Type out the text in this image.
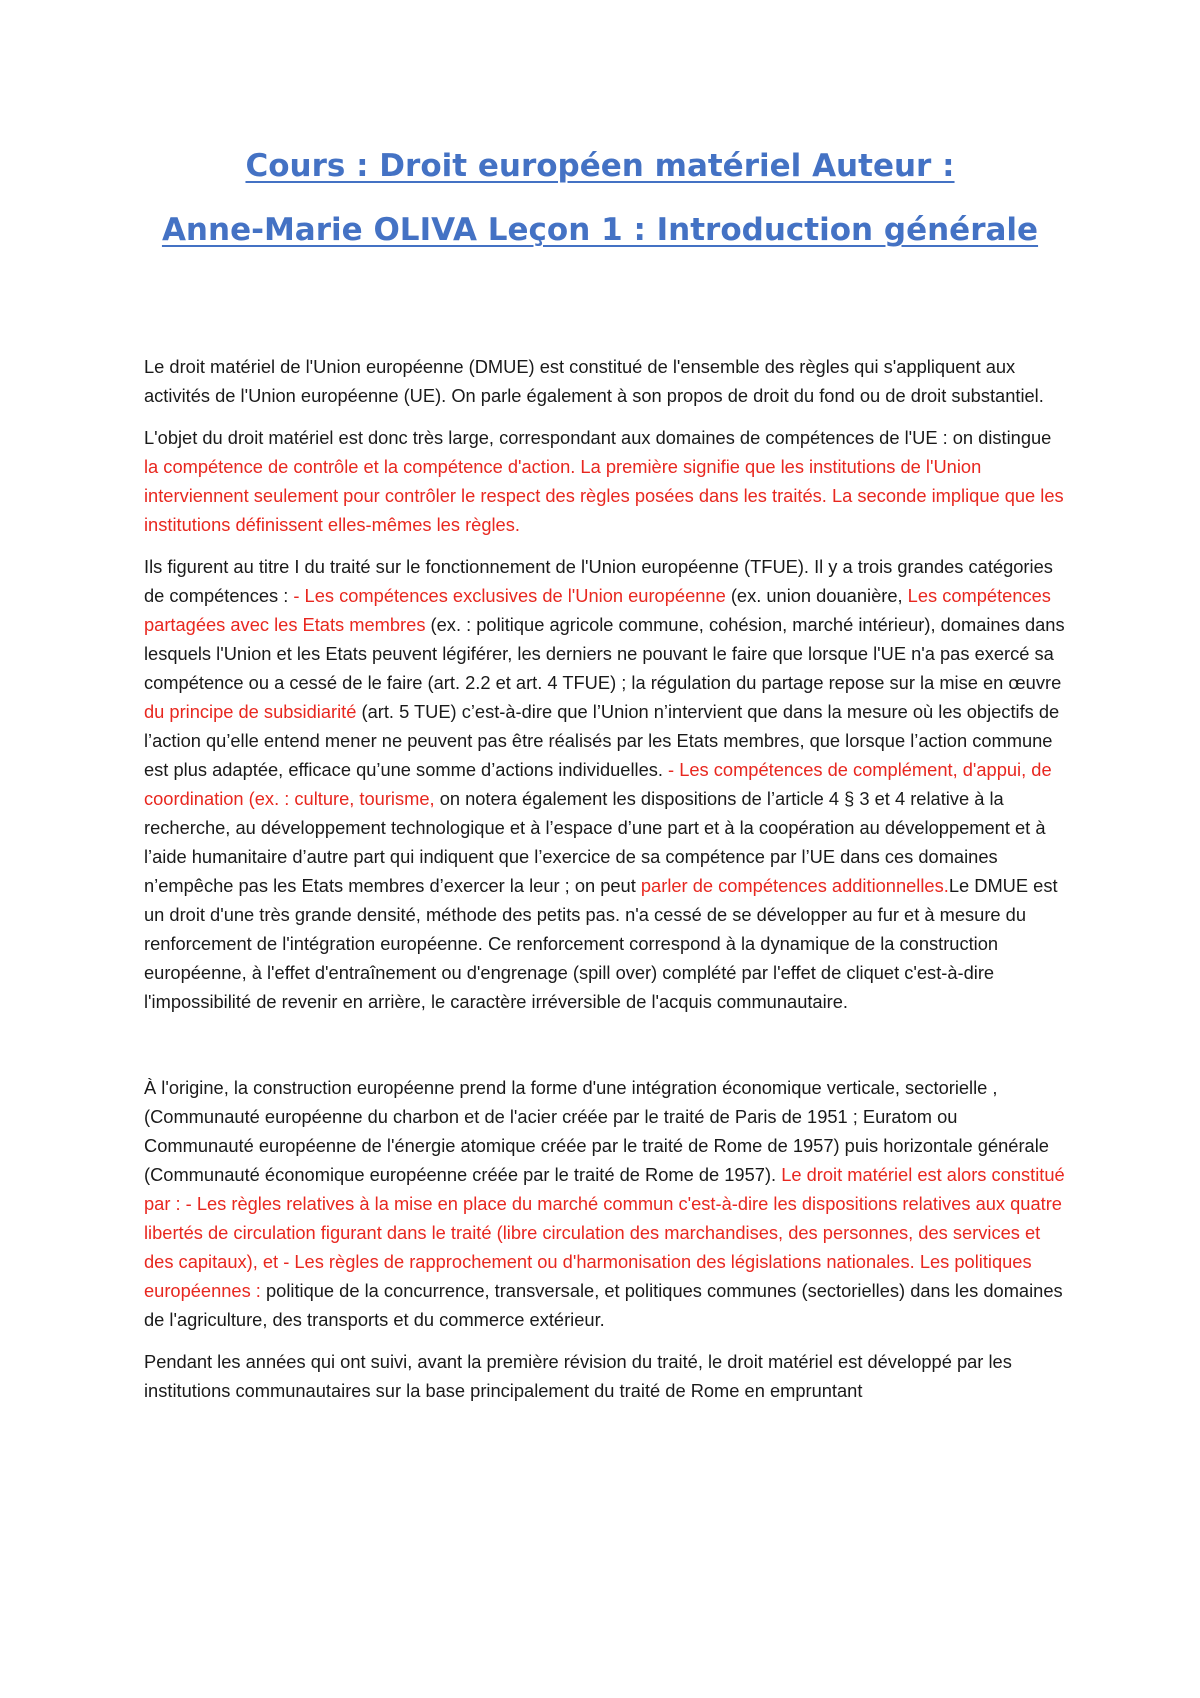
Cours : Droit européen matériel Auteur :
Anne-Marie OLIVA Leçon 1 : Introduction générale

Le droit matériel de l'Union européenne (DMUE) est constitué de l'ensemble des règles qui s'appliquent aux activités de l'Union européenne (UE). On parle également à son propos de droit du fond ou de droit substantiel.

L'objet du droit matériel est donc très large, correspondant aux domaines de compétences de l'UE : on distingue la compétence de contrôle et la compétence d'action. La première signifie que les institutions de l'Union interviennent seulement pour contrôler le respect des règles posées dans les traités. La seconde implique que les institutions définissent elles-mêmes les règles.

Ils figurent au titre I du traité sur le fonctionnement de l'Union européenne (TFUE). Il y a trois grandes catégories de compétences : - Les compétences exclusives de l'Union européenne (ex. union douanière, Les compétences partagées avec les Etats membres (ex. : politique agricole commune, cohésion, marché intérieur), domaines dans lesquels l'Union et les Etats peuvent légiférer, les derniers ne pouvant le faire que lorsque l'UE n'a pas exercé sa compétence ou a cessé de le faire (art. 2.2 et art. 4 TFUE) ; la régulation du partage repose sur la mise en œuvre du principe de subsidiarité (art. 5 TUE) c’est-à-dire que l’Union n’intervient que dans la mesure où les objectifs de l’action qu’elle entend mener ne peuvent pas être réalisés par les Etats membres, que lorsque l’action commune est plus adaptée, efficace qu’une somme d’actions individuelles. - Les compétences de complément, d'appui, de coordination (ex. : culture, tourisme, on notera également les dispositions de l’article 4 § 3 et 4 relative à la recherche, au développement technologique et à l’espace d’une part et à la coopération au développement et à l’aide humanitaire d’autre part qui indiquent que l’exercice de sa compétence par l’UE dans ces domaines n’empêche pas les Etats membres d’exercer la leur ; on peut parler de compétences additionnelles.Le DMUE est un droit d'une très grande densité, méthode des petits pas. n'a cessé de se développer au fur et à mesure du renforcement de l'intégration européenne. Ce renforcement correspond à la dynamique de la construction européenne, à l'effet d'entraînement ou d'engrenage (spill over) complété par l'effet de cliquet c'est-à-dire l'impossibilité de revenir en arrière, le caractère irréversible de l'acquis communautaire.

À l'origine, la construction européenne prend la forme d'une intégration économique verticale, sectorielle , (Communauté européenne du charbon et de l'acier créée par le traité de Paris de 1951 ; Euratom ou Communauté européenne de l'énergie atomique créée par le traité de Rome de 1957) puis horizontale générale (Communauté économique européenne créée par le traité de Rome de 1957). Le droit matériel est alors constitué par : - Les règles relatives à la mise en place du marché commun c'est-à-dire les dispositions relatives aux quatre libertés de circulation figurant dans le traité (libre circulation des marchandises, des personnes, des services et des capitaux), et - Les règles de rapprochement ou d'harmonisation des législations nationales. Les politiques européennes : politique de la concurrence, transversale, et politiques communes (sectorielles) dans les domaines de l'agriculture, des transports et du commerce extérieur.

Pendant les années qui ont suivi, avant la première révision du traité, le droit matériel est développé par les institutions communautaires sur la base principalement du traité de Rome en empruntant
